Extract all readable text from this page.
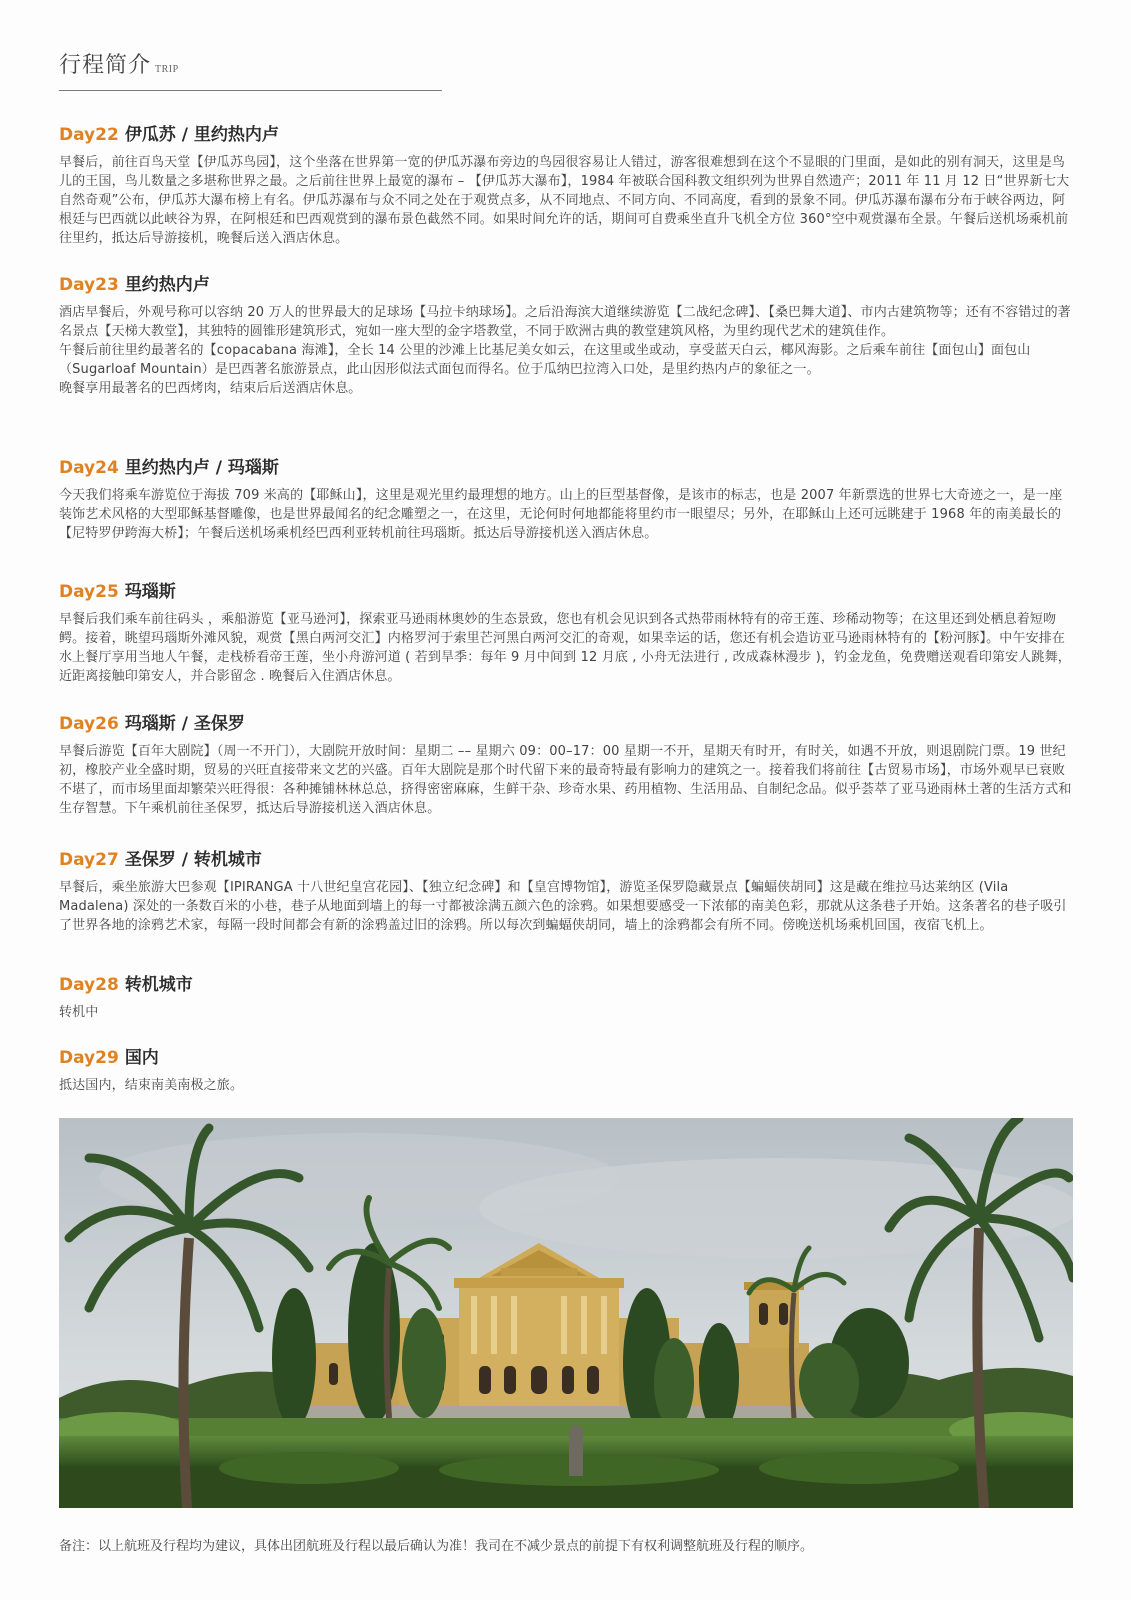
行程简介 TRIP
Day22 伊瓜苏 / 里约热内卢

早餐后，前往百鸟天堂【伊瓜苏鸟园】，这个坐落在世界第一宽的伊瓜苏瀑布旁边的鸟园很容易让人错过，游客很难想到在这个不显眼的门里面，是如此的别有洞天，这里是鸟儿的王国，鸟儿数量之多堪称世界之最。之后前往世界上最宽的瀑布 – 【伊瓜苏大瀑布】，1984 年被联合国科教文组织列为世界自然遗产；2011 年 11 月 12 日“世界新七大自然奇观”公布，伊瓜苏大瀑布榜上有名。伊瓜苏瀑布与众不同之处在于观赏点多，从不同地点、不同方向、不同高度，看到的景象不同。伊瓜苏瀑布瀑布分布于峡谷两边，阿根廷与巴西就以此峡谷为界，在阿根廷和巴西观赏到的瀑布景色截然不同。如果时间允许的话，期间可自费乘坐直升飞机全方位 360°空中观赏瀑布全景。午餐后送机场乘机前往里约，抵达后导游接机，晚餐后送入酒店休息。

Day23 里约热内卢

酒店早餐后，外观号称可以容纳 20 万人的世界最大的足球场【马拉卡纳球场】。之后沿海滨大道继续游览【二战纪念碑】、【桑巴舞大道】、市内古建筑物等；还有不容错过的著名景点【天梯大教堂】，其独特的圆锥形建筑形式，宛如一座大型的金字塔教堂，不同于欧洲古典的教堂建筑风格，为里约现代艺术的建筑佳作。

午餐后前往里约最著名的【copacabana 海滩】，全长 14 公里的沙滩上比基尼美女如云，在这里或坐或动，享受蓝天白云，椰风海影。之后乘车前往【面包山】面包山（Sugarloaf Mountain）是巴西著名旅游景点，此山因形似法式面包而得名。位于瓜纳巴拉湾入口处，是里约热内卢的象征之一。

晚餐享用最著名的巴西烤肉，结束后后送酒店休息。

Day24 里约热内卢 / 玛瑙斯

今天我们将乘车游览位于海拔 709 米高的【耶稣山】，这里是观光里约最理想的地方。山上的巨型基督像，是该市的标志，也是 2007 年新票选的世界七大奇迹之一，是一座装饰艺术风格的大型耶稣基督雕像，也是世界最闻名的纪念雕塑之一，在这里，无论何时何地都能将里约市一眼望尽；另外，在耶稣山上还可远眺建于 1968 年的南美最长的【尼特罗伊跨海大桥】；午餐后送机场乘机经巴西利亚转机前往玛瑙斯。抵达后导游接机送入酒店休息。

Day25 玛瑙斯

早餐后我们乘车前往码头 ，乘船游览【亚马逊河】，探索亚马逊雨林奥妙的生态景致，您也有机会见识到各式热带雨林特有的帝王莲、珍稀动物等；在这里还到处栖息着短吻鳄。接着，眺望玛瑙斯外滩风貌，观赏【黑白两河交汇】内格罗河于索里芒河黑白两河交汇的奇观，如果幸运的话，您还有机会造访亚马逊雨林特有的【粉河豚】。中午安排在水上餐厅享用当地人午餐，走栈桥看帝王莲，坐小舟游河道 ( 若到旱季：每年 9 月中间到 12 月底 , 小舟无法进行 , 改成森林漫步 )，钓金龙鱼，免费赠送观看印第安人跳舞，近距离接触印第安人，并合影留念 . 晚餐后入住酒店休息。

Day26 玛瑙斯 / 圣保罗

早餐后游览【百年大剧院】（周一不开门），大剧院开放时间：星期二 –– 星期六 09：00–17：00 星期一不开，星期天有时开，有时关，如遇不开放，则退剧院门票。19 世纪初，橡胶产业全盛时期，贸易的兴旺直接带来文艺的兴盛。百年大剧院是那个时代留下来的最奇特最有影响力的建筑之一。接着我们将前往【古贸易市场】，市场外观早已衰败不堪了，而市场里面却繁荣兴旺得很：各种摊铺林林总总，挤得密密麻麻，生鲜干杂、珍奇水果、药用植物、生活用品、自制纪念品。似乎荟萃了亚马逊雨林土著的生活方式和生存智慧。下午乘机前往圣保罗，抵达后导游接机送入酒店休息。

Day27 圣保罗 / 转机城市

早餐后，乘坐旅游大巴参观【IPIRANGA 十八世纪皇宫花园】、【独立纪念碑】和【皇宫博物馆】，游览圣保罗隐藏景点【蝙蝠侠胡同】这是藏在维拉马达莱纳区 (Vila Madalena) 深处的一条数百米的小巷，巷子从地面到墙上的每一寸都被涂满五颜六色的涂鸦。如果想要感受一下浓郁的南美色彩，那就从这条巷子开始。这条著名的巷子吸引了世界各地的涂鸦艺术家，每隔一段时间都会有新的涂鸦盖过旧的涂鸦。所以每次到蝙蝠侠胡同，墙上的涂鸦都会有所不同。傍晚送机场乘机回国，夜宿飞机上。

Day28 转机城市

转机中

Day29 国内

抵达国内，结束南美南极之旅。

备注：以上航班及行程均为建议，具体出团航班及行程以最后确认为准！我司在不减少景点的前提下有权利调整航班及行程的顺序。
